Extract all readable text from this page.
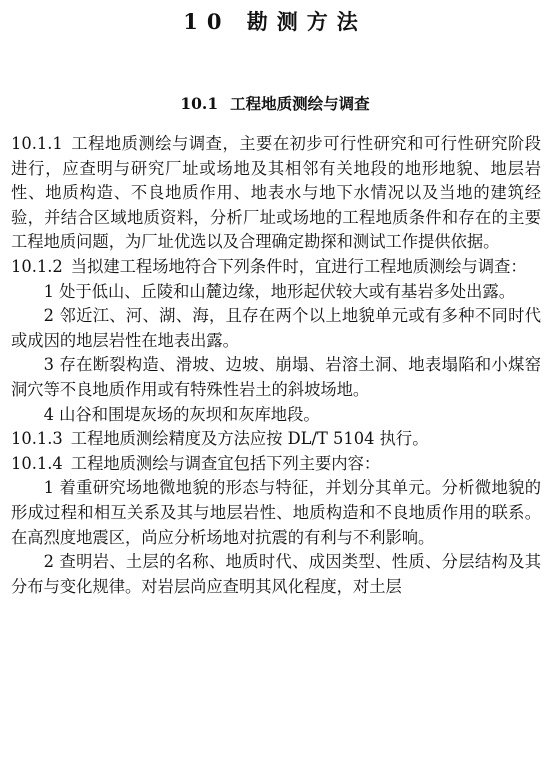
10 勘测方法
10.1 工程地质测绘与调查

10.1.1 工程地质测绘与调查，主要在初步可行性研究和可行性研究阶段进行，应查明与研究厂址或场地及其相邻有关地段的地形地貌、地层岩性、地质构造、不良地质作用、地表水与地下水情况以及当地的建筑经验，并结合区域地质资料，分析厂址或场地的工程地质条件和存在的主要工程地质问题，为厂址优选以及合理确定勘探和测试工作提供依据。

10.1.2 当拟建工程场地符合下列条件时，宜进行工程地质测绘与调查：

1 处于低山、丘陵和山麓边缘，地形起伏较大或有基岩多处出露。

2 邻近江、河、湖、海，且存在两个以上地貌单元或有多种不同时代或成因的地层岩性在地表出露。

3 存在断裂构造、滑坡、边坡、崩塌、岩溶土洞、地表塌陷和小煤窑洞穴等不良地质作用或有特殊性岩土的斜坡场地。

4 山谷和围堤灰场的灰坝和灰库地段。

10.1.3 工程地质测绘精度及方法应按 DL/T 5104 执行。

10.1.4 工程地质测绘与调查宜包括下列主要内容：

1 着重研究场地微地貌的形态与特征，并划分其单元。分析微地貌的形成过程和相互关系及其与地层岩性、地质构造和不良地质作用的联系。在高烈度地震区，尚应分析场地对抗震的有利与不利影响。

2 查明岩、土层的名称、地质时代、成因类型、性质、分层结构及其分布与变化规律。对岩层尚应查明其风化程度，对土层
